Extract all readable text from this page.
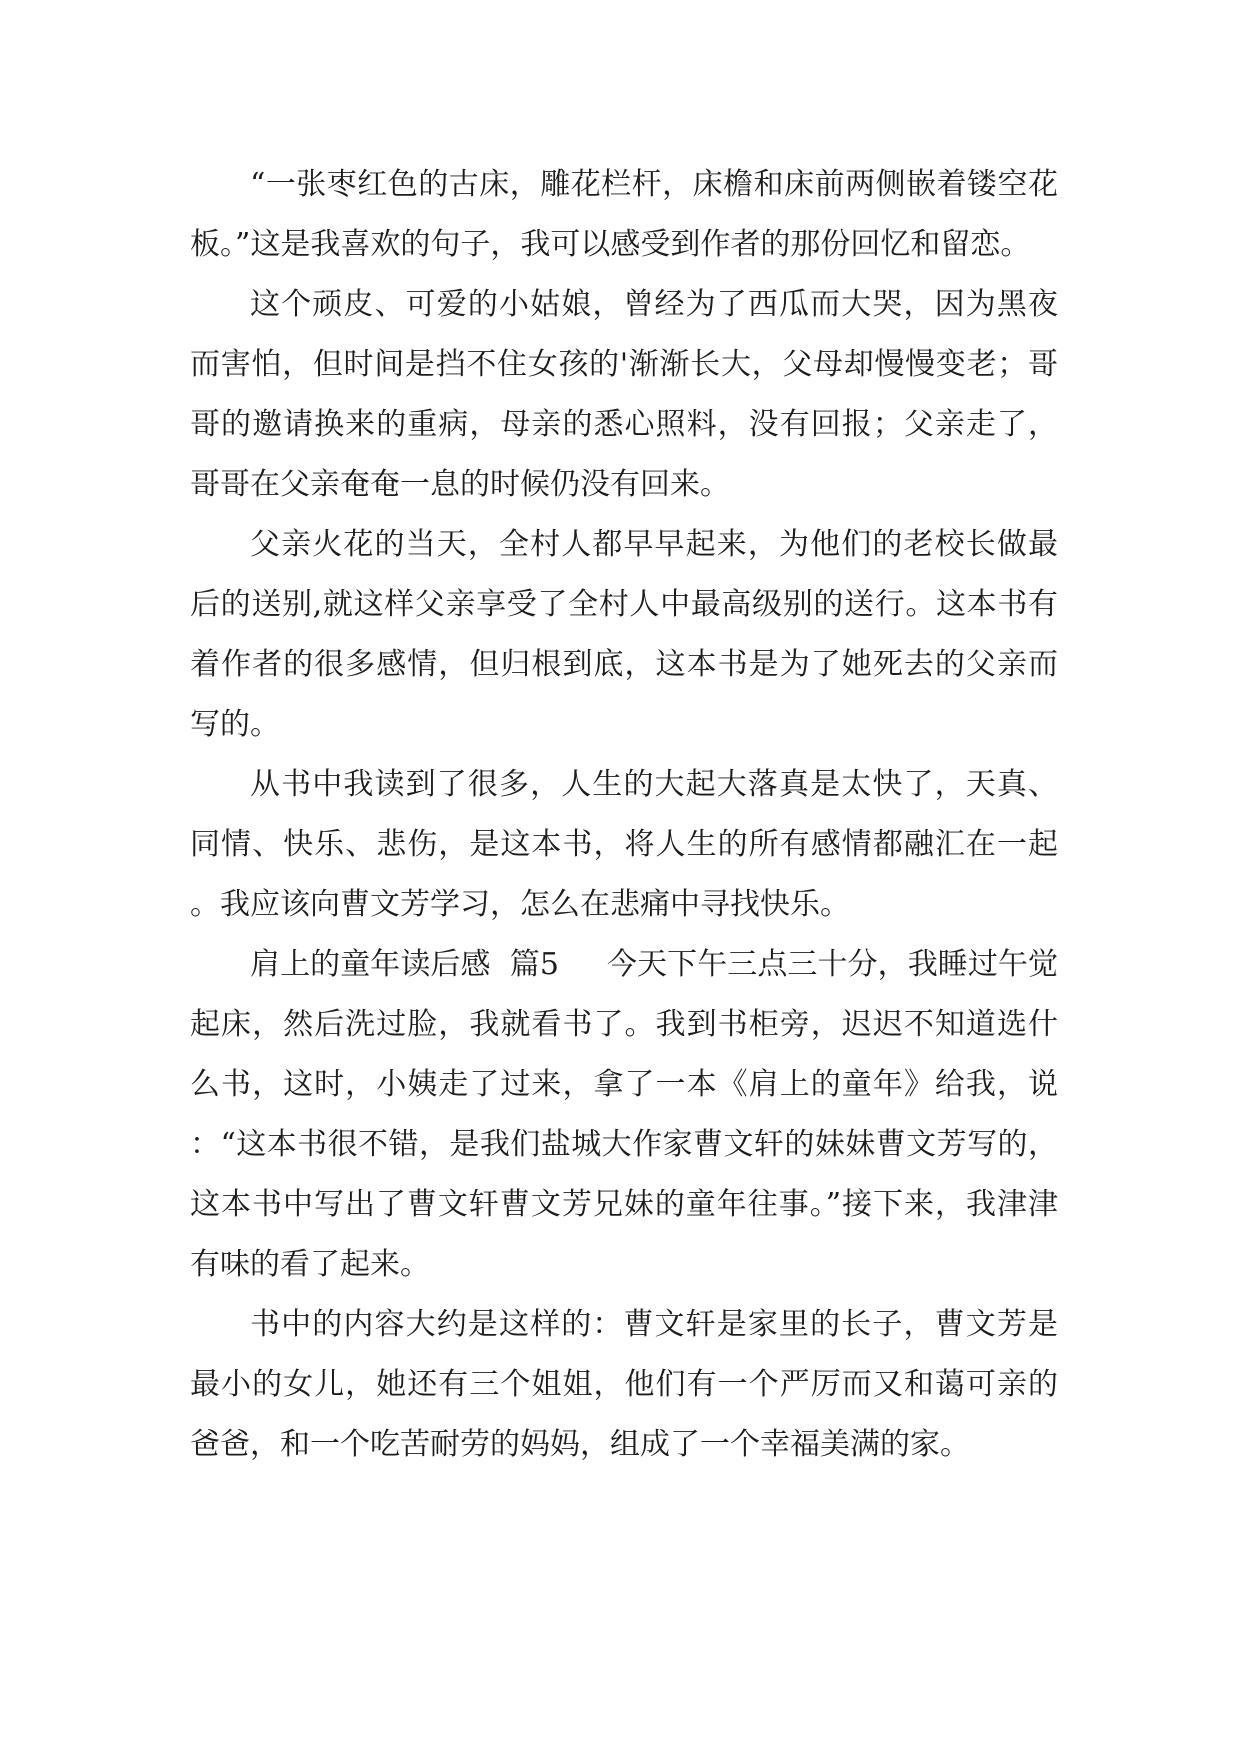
“一张枣红色的古床，雕花栏杆，床檐和床前两侧嵌着镂空花板。”这是我喜欢的句子，我可以感受到作者的那份回忆和留恋。

这个顽皮、可爱的小姑娘，曾经为了西瓜而大哭，因为黑夜而害怕，但时间是挡不住女孩的'渐渐长大，父母却慢慢变老；哥哥的邀请换来的重病，母亲的悉心照料，没有回报；父亲走了，哥哥在父亲奄奄一息的时候仍没有回来。

父亲火花的当天，全村人都早早起来，为他们的老校长做最后的送别,就这样父亲享受了全村人中最高级别的送行。这本书有着作者的很多感情，但归根到底，这本书是为了她死去的父亲而写的。

从书中我读到了很多，人生的大起大落真是太快了，天真、同情、快乐、悲伤，是这本书，将人生的所有感情都融汇在一起。我应该向曹文芳学习，怎么在悲痛中寻找快乐。

肩上的童年读后感  篇5     今天下午三点三十分，我睡过午觉起床，然后洗过脸，我就看书了。我到书柜旁，迟迟不知道选什么书，这时，小姨走了过来，拿了一本《肩上的童年》给我，说：“这本书很不错，是我们盐城大作家曹文轩的妹妹曹文芳写的，这本书中写出了曹文轩曹文芳兄妹的童年往事。”接下来，我津津有味的看了起来。

书中的内容大约是这样的：曹文轩是家里的长子，曹文芳是最小的女儿，她还有三个姐姐，他们有一个严厉而又和蔼可亲的爸爸，和一个吃苦耐劳的妈妈，组成了一个幸福美满的家。
